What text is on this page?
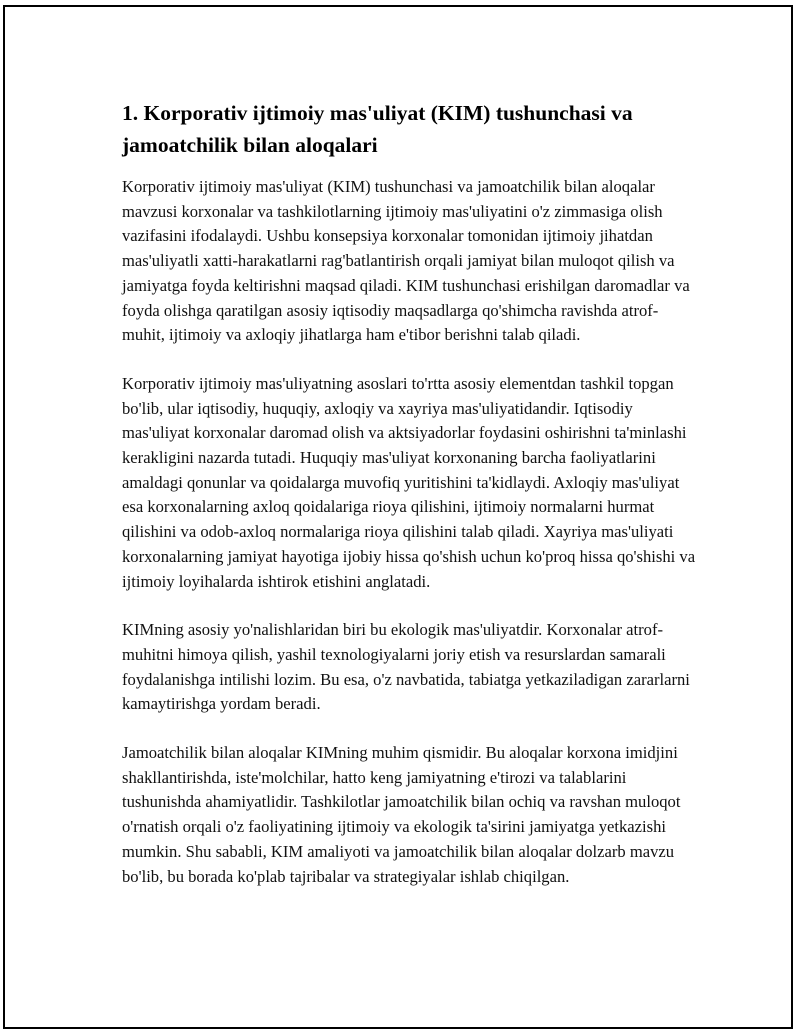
1. Korporativ ijtimoiy mas'uliyat (KIM) tushunchasi va jamoatchilik bilan aloqalari

Korporativ ijtimoiy mas'uliyat (KIM) tushunchasi va jamoatchilik bilan aloqalar mavzusi korxonalar va tashkilotlarning ijtimoiy mas'uliyatini o'z zimmasiga olish vazifasini ifodalaydi. Ushbu konsepsiya korxonalar tomonidan ijtimoiy jihatdan mas'uliyatli xatti-harakatlarni rag'batlantirish orqali jamiyat bilan muloqot qilish va jamiyatga foyda keltirishni maqsad qiladi. KIM tushunchasi erishilgan daromadlar va foyda olishga qaratilgan asosiy iqtisodiy maqsadlarga qo'shimcha ravishda atrof-muhit, ijtimoiy va axloqiy jihatlarga ham e'tibor berishni talab qiladi.

Korporativ ijtimoiy mas'uliyatning asoslari to'rtta asosiy elementdan tashkil topgan bo'lib, ular iqtisodiy, huquqiy, axloqiy va xayriya mas'uliyatidandir. Iqtisodiy mas'uliyat korxonalar daromad olish va aktsiyadorlar foydasini oshirishni ta'minlashi kerakligini nazarda tutadi. Huquqiy mas'uliyat korxonaning barcha faoliyatlarini amaldagi qonunlar va qoidalarga muvofiq yuritishini ta'kidlaydi. Axloqiy mas'uliyat esa korxonalarning axloq qoidalariga rioya qilishini, ijtimoiy normalarni hurmat qilishini va odob-axloq normalariga rioya qilishini talab qiladi. Xayriya mas'uliyati korxonalarning jamiyat hayotiga ijobiy hissa qo'shish uchun ko'proq hissa qo'shishi va ijtimoiy loyihalarda ishtirok etishini anglatadi.

KIMning asosiy yo'nalishlaridan biri bu ekologik mas'uliyatdir. Korxonalar atrof-muhitni himoya qilish, yashil texnologiyalarni joriy etish va resurslardan samarali foydalanishga intilishi lozim. Bu esa, o'z navbatida, tabiatga yetkaziladigan zararlarni kamaytirishga yordam beradi.

Jamoatchilik bilan aloqalar KIMning muhim qismidir. Bu aloqalar korxona imidjini shakllantirishda, iste'molchilar, hatto keng jamiyatning e'tirozi va talablarini tushunishda ahamiyatlidir. Tashkilotlar jamoatchilik bilan ochiq va ravshan muloqot o'rnatish orqali o'z faoliyatining ijtimoiy va ekologik ta'sirini jamiyatga yetkazishi mumkin. Shu sababli, KIM amaliyoti va jamoatchilik bilan aloqalar dolzarb mavzu bo'lib, bu borada ko'plab tajribalar va strategiyalar ishlab chiqilgan.
